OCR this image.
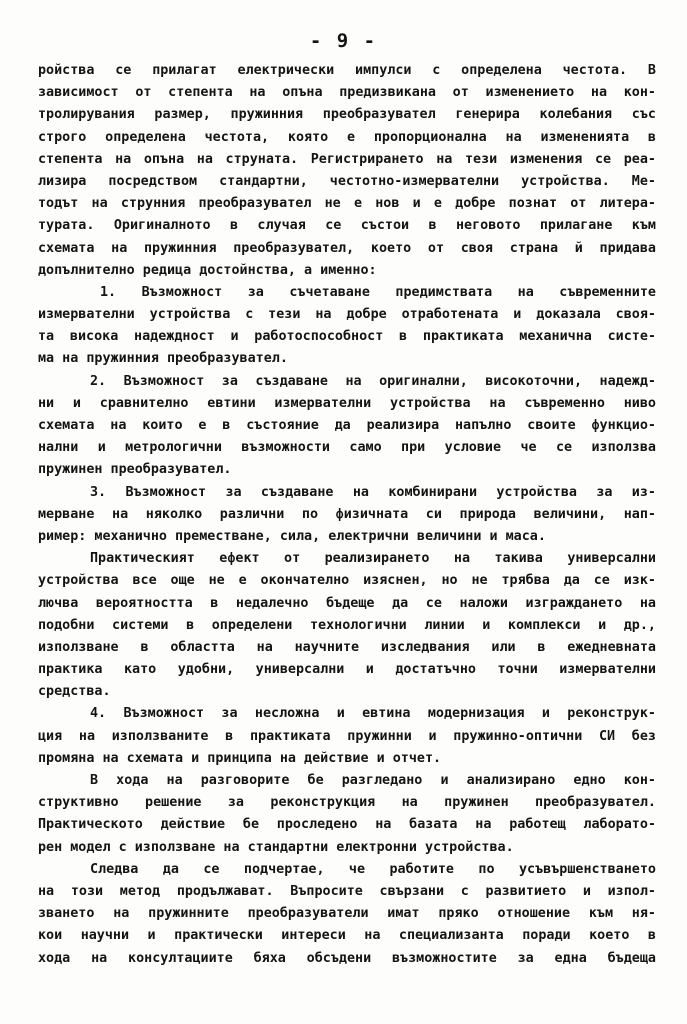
- 9 -
ройства се прилагат електрически импулси с определена честота. В
зависимост от степента на опъна предизвикана от изменението на кон-
тролирувания размер, пружинния преобразувател генерира колебания със
строго определена честота, която е пропорционална на измененията в
степента на опъна на струната. Регистрирането на тези изменения се реа-
лизира посредством стандартни, честотно-измервателни устройства. Ме-
тодът на струнния преобразувател не е нов и е добре познат от литера-
турата. Оригиналното в случая се състои в неговото прилагане към
схемата на пружинния преобразувател, което от своя страна й придава
допълнително редица достойнства, а именно:
1. Възможност за съчетаване предимствата на съвременните
измервателни устройства с тези на добре отработената и доказала своя-
та висока надеждност и работоспособност в практиката механична систе-
ма на пружинния преобразувател.
2. Възможност за създаване на оригинални, високоточни, надежд-
ни и сравнително евтини измервателни устройства на съвременно ниво
схемата на които е в състояние да реализира напълно своите функцио-
нални и метрологични възможности само при условие че се използва
пружинен преобразувател.
3. Възможност за създаване на комбинирани устройства за из-
мерване на няколко различни по физичната си природа величини, нап-
ример: механично преместване, сила, електрични величини и маса.
Практическият ефект от реализирането на такива универсални
устройства все още не е окончателно изяснен, но не трябва да се изк-
лючва вероятността в недалечно бъдеще да се наложи изграждането на
подобни системи в определени технологични линии и комплекси и др.,
използване в областта на научните изследвания или в ежедневната
практика като удобни, универсални и достатъчно точни измервателни
средства.
4. Възможност за несложна и евтина модернизация и реконструк-
ция на използваните в практиката пружинни и пружинно-оптични СИ без
промяна на схемата и принципа на действие и отчет.
В хода на разговорите бе разгледано и анализирано едно кон-
структивно решение за реконструкция на пружинен преобразувател.
Практическото действие бе проследено на базата на работещ лаборато-
рен модел с използване на стандартни електронни устройства.
Следва да се подчертае, че работите по усъвършенстването
на този метод продължават. Въпросите свързани с развитието и изпол-
зването на пружинните преобразуватели имат пряко отношение към ня-
кои научни и практически интереси на специализанта поради което в
хода на консултациите бяха обсъдени възможностите за една бъдеща
